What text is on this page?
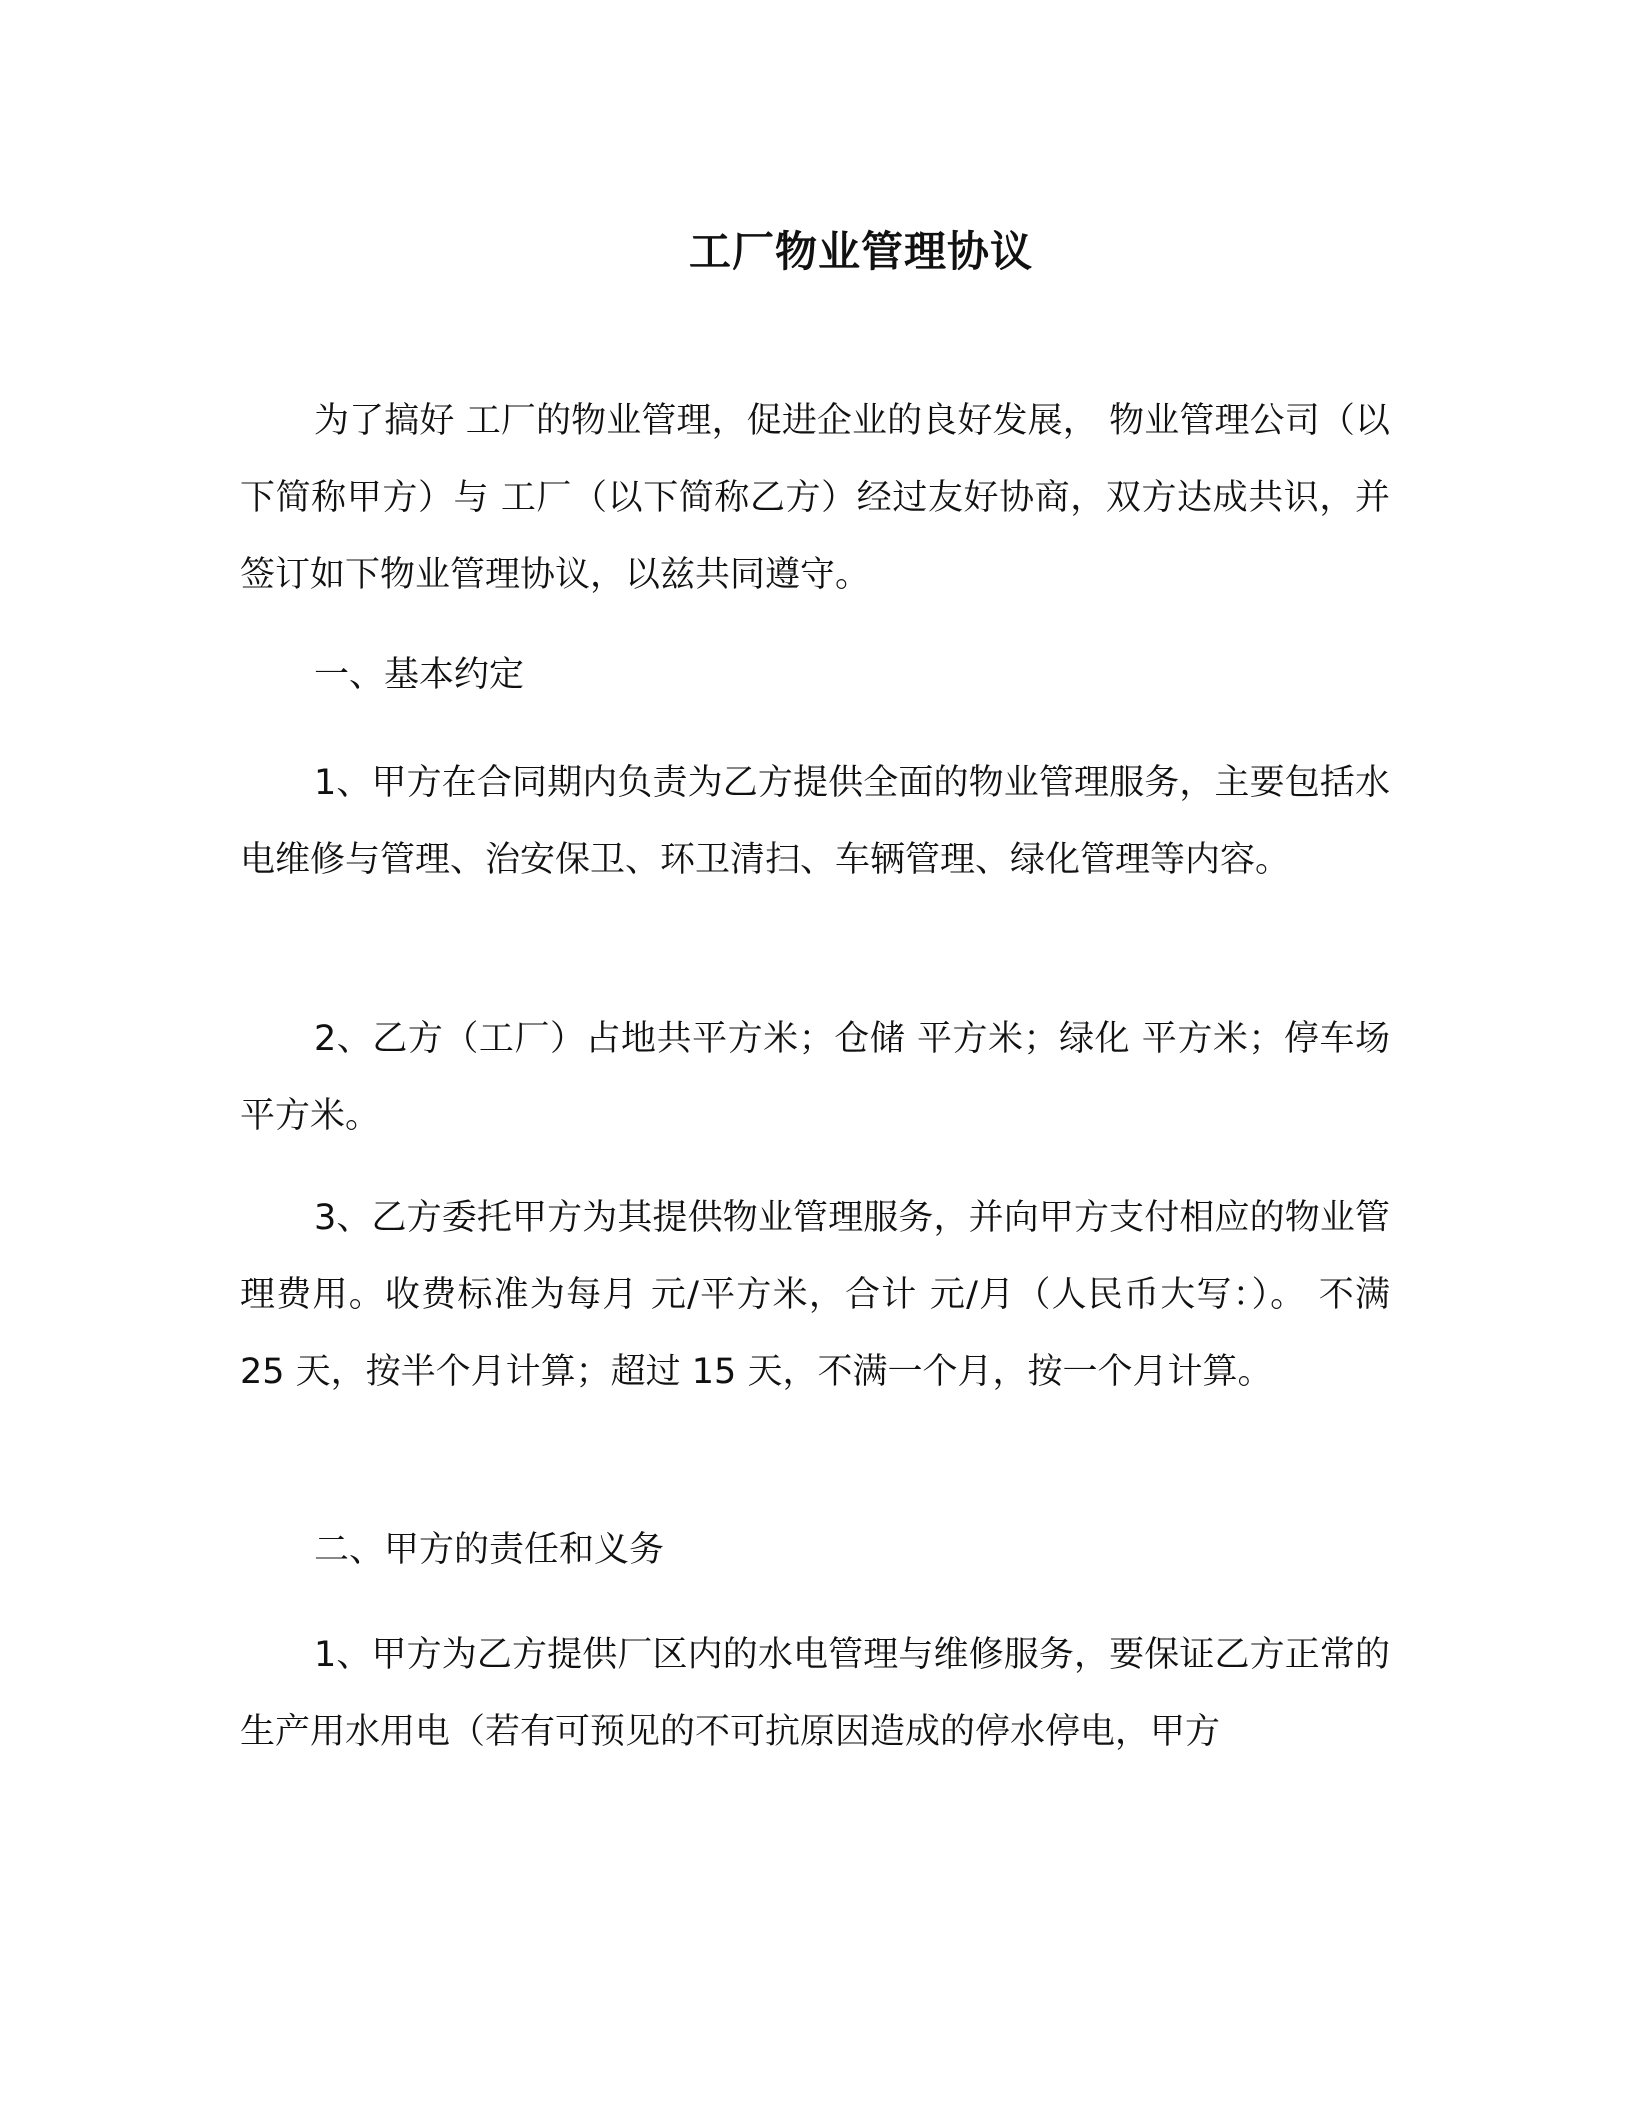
工厂物业管理协议

为了搞好 工厂的物业管理，促进企业的良好发展， 物业管理公司（以下简称甲方）与 工厂（以下简称乙方）经过友好协商，双方达成共识，并签订如下物业管理协议，以兹共同遵守。

一、基本约定

1、甲方在合同期内负责为乙方提供全面的物业管理服务，主要包括水电维修与管理、治安保卫、环卫清扫、车辆管理、绿化管理等内容。

2、乙方（工厂）占地共平方米；仓储 平方米；绿化 平方米；停车场 平方米。

3、乙方委托甲方为其提供物业管理服务，并向甲方支付相应的物业管理费用。收费标准为每月 元/平方米，合计 元/月（人民币大写：）。 不满 25 天，按半个月计算；超过 15 天，不满一个月，按一个月计算。

二、甲方的责任和义务

1、甲方为乙方提供厂区内的水电管理与维修服务，要保证乙方正常的生产用水用电（若有可预见的不可抗原因造成的停水停电，甲方
